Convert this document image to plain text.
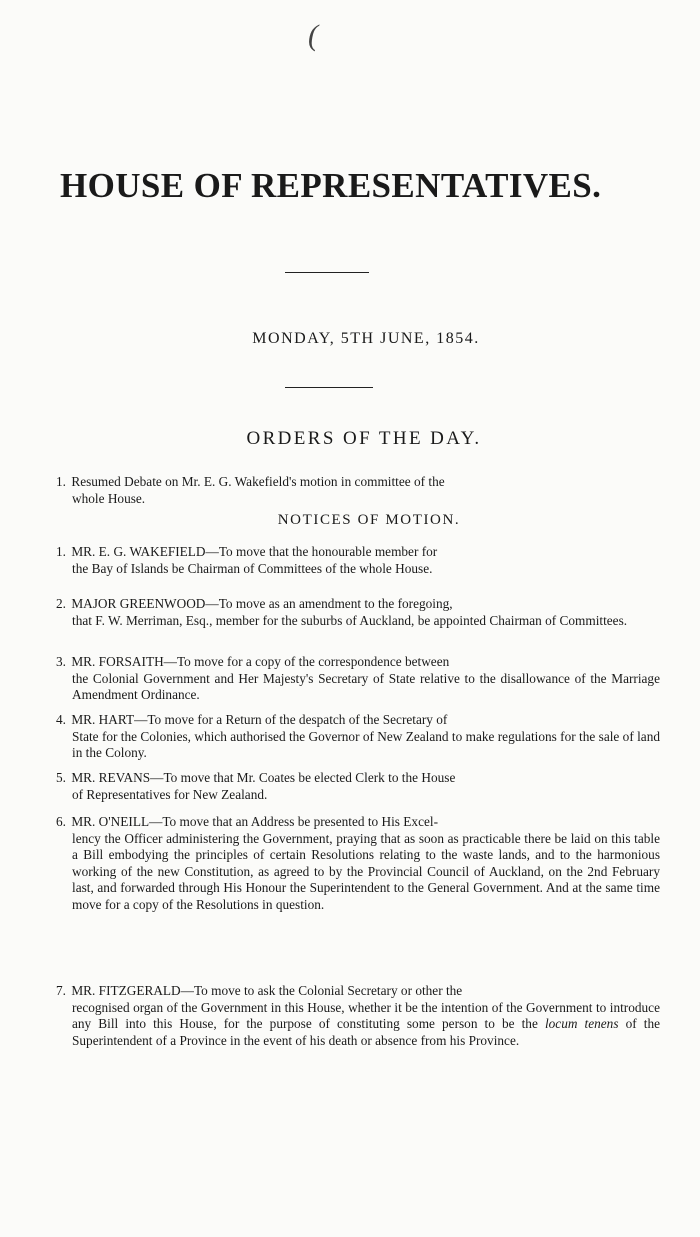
(
HOUSE OF REPRESENTATIVES.
MONDAY, 5TH JUNE, 1854.
ORDERS OF THE DAY.
1. Resumed Debate on Mr. E. G. Wakefield's motion in committee of the
whole House.
NOTICES OF MOTION.
1. MR. E. G. WAKEFIELD—To move that the honourable member for
the Bay of Islands be Chairman of Committees of the whole House.
2. MAJOR GREENWOOD—To move as an amendment to the foregoing,
that F. W. Merriman, Esq., member for the suburbs of Auckland, be appointed Chairman of Committees.
3. MR. FORSAITH—To move for a copy of the correspondence between
the Colonial Government and Her Majesty's Secretary of State relative to the disallowance of the Marriage Amendment Ordinance.
4. MR. HART—To move for a Return of the despatch of the Secretary of
State for the Colonies, which authorised the Governor of New Zealand to make regulations for the sale of land in the Colony.
5. MR. REVANS—To move that Mr. Coates be elected Clerk to the House
of Representatives for New Zealand.
6. MR. O'NEILL—To move that an Address be presented to His Excel-
lency the Officer administering the Government, praying that as soon as practicable there be laid on this table a Bill embodying the principles of certain Resolutions relating to the waste lands, and to the harmonious working of the new Constitution, as agreed to by the Provincial Council of Auckland, on the 2nd February last, and forwarded through His Honour the Superintendent to the General Government. And at the same time move for a copy of the Resolutions in question.
7. MR. FITZGERALD—To move to ask the Colonial Secretary or other the
recognised organ of the Government in this House, whether it be the intention of the Government to introduce any Bill into this House, for the purpose of constituting some person to be the locum tenens of the Superintendent of a Province in the event of his death or absence from his Province.
